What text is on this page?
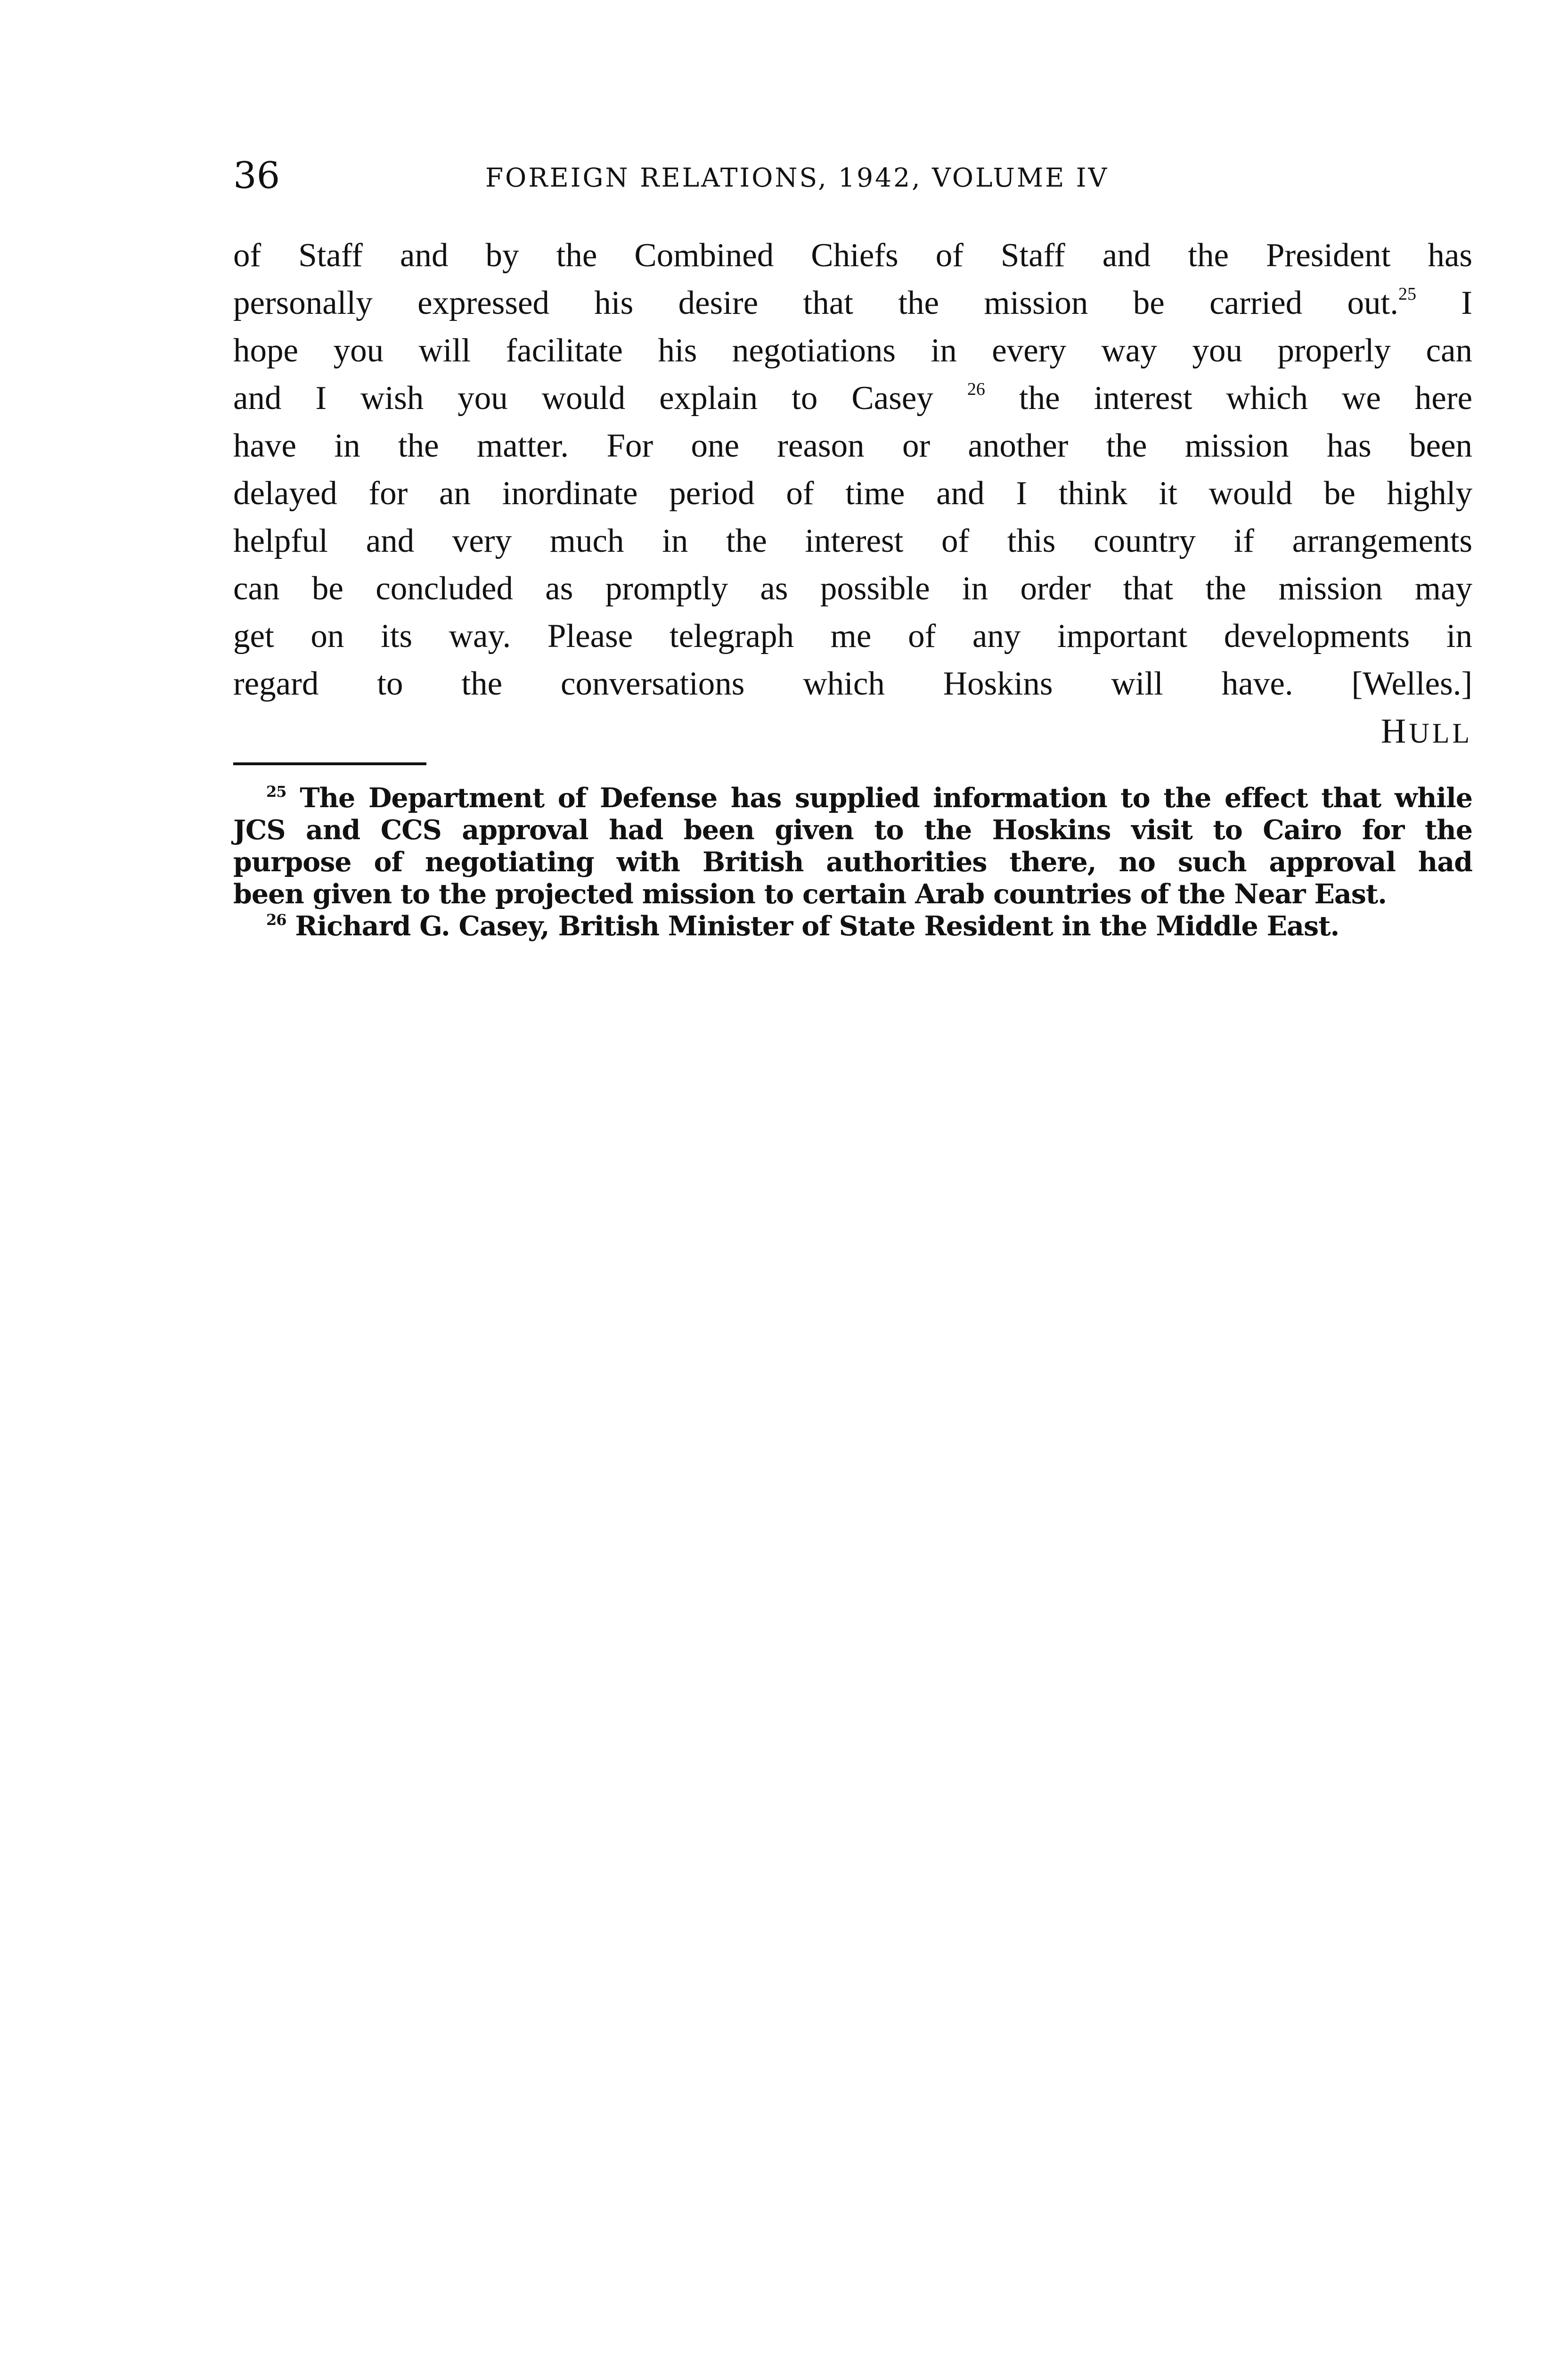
36	FOREIGN RELATIONS, 1942, VOLUME IV
of Staff and by the Combined Chiefs of Staff and the President has
personally expressed his desire that the mission be carried out.$^{25}$ I
hope you will facilitate his negotiations in every way you properly can
and I wish you would explain to Casey $^{26}$ the interest which we here
have in the matter. For one reason or another the mission has been
delayed for an inordinate period of time and I think it would be highly
helpful and very much in the interest of this country if arrangements
can be concluded as promptly as possible in order that the mission may
get on its way. Please telegraph me of any important developments in
regard to the conversations which Hoskins will have. [Welles.]
HULL
$^{25}$ The Department of Defense has supplied information to the effect that while
JCS and CCS approval had been given to the Hoskins visit to Cairo for the
purpose of negotiating with British authorities there, no such approval had
been given to the projected mission to certain Arab countries of the Near East.
$^{26}$ Richard G. Casey, British Minister of State Resident in the Middle East.
